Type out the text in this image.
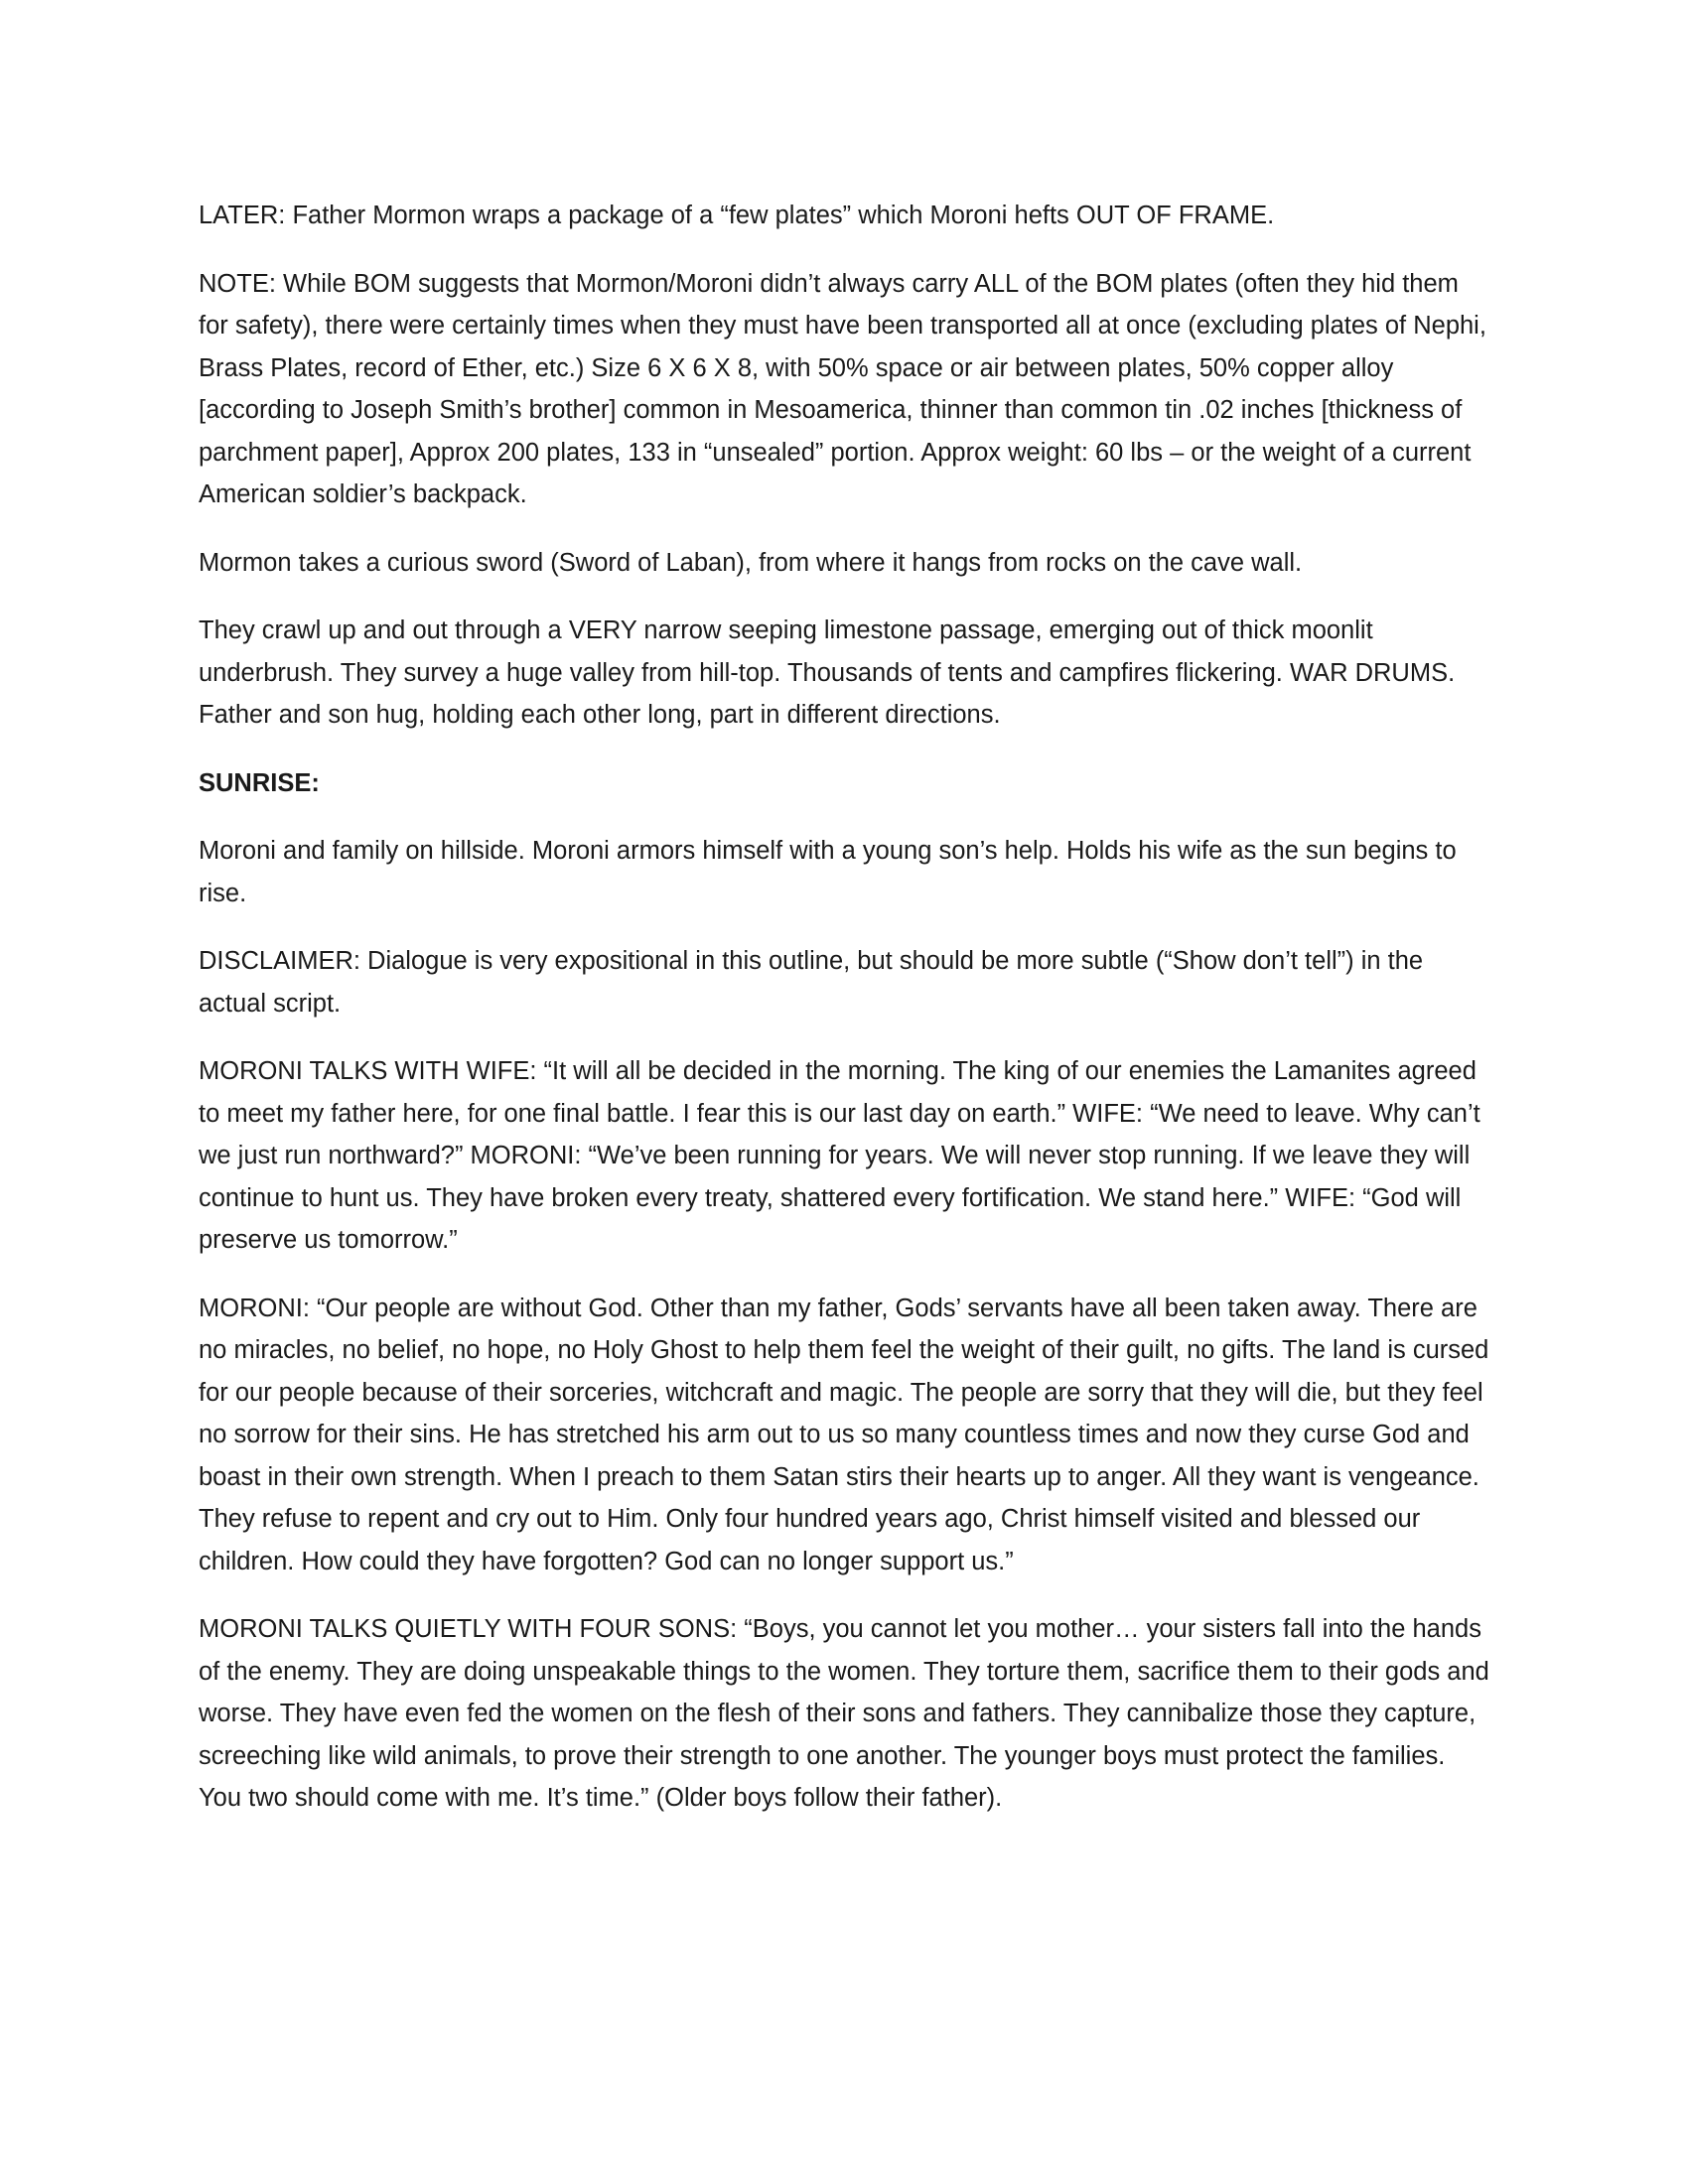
LATER: Father Mormon wraps a package of a “few plates” which Moroni hefts OUT OF FRAME.

NOTE: While BOM suggests that Mormon/Moroni didn’t always carry ALL of the BOM plates (often they hid them for safety), there were certainly times when they must have been transported all at once (excluding plates of Nephi, Brass Plates, record of Ether, etc.) Size 6 X 6 X 8, with 50% space or air between plates, 50% copper alloy [according to Joseph Smith’s brother] common in Mesoamerica, thinner than common tin .02 inches [thickness of parchment paper], Approx 200 plates, 133 in “unsealed” portion. Approx weight: 60 lbs – or the weight of a current American soldier’s backpack.

Mormon takes a curious sword (Sword of Laban), from where it hangs from rocks on the cave wall.

They crawl up and out through a VERY narrow seeping limestone passage, emerging out of thick moonlit underbrush. They survey a huge valley from hill-top. Thousands of tents and campfires flickering. WAR DRUMS. Father and son hug, holding each other long, part in different directions.

SUNRISE:

Moroni and family on hillside. Moroni armors himself with a young son’s help. Holds his wife as the sun begins to rise.

DISCLAIMER: Dialogue is very expositional in this outline, but should be more subtle (“Show don’t tell”) in the actual script.

MORONI TALKS WITH WIFE: “It will all be decided in the morning. The king of our enemies the Lamanites agreed to meet my father here, for one final battle. I fear this is our last day on earth.” WIFE: “We need to leave. Why can’t we just run northward?” MORONI: “We’ve been running for years. We will never stop running. If we leave they will continue to hunt us. They have broken every treaty, shattered every fortification. We stand here.” WIFE: “God will preserve us tomorrow.”

MORONI: “Our people are without God. Other than my father, Gods’ servants have all been taken away. There are no miracles, no belief, no hope, no Holy Ghost to help them feel the weight of their guilt, no gifts. The land is cursed for our people because of their sorceries, witchcraft and magic. The people are sorry that they will die, but they feel no sorrow for their sins. He has stretched his arm out to us so many countless times and now they curse God and boast in their own strength. When I preach to them Satan stirs their hearts up to anger. All they want is vengeance. They refuse to repent and cry out to Him. Only four hundred years ago, Christ himself visited and blessed our children. How could they have forgotten? God can no longer support us.”

MORONI TALKS QUIETLY WITH FOUR SONS: “Boys, you cannot let you mother… your sisters fall into the hands of the enemy. They are doing unspeakable things to the women. They torture them, sacrifice them to their gods and worse. They have even fed the women on the flesh of their sons and fathers. They cannibalize those they capture, screeching like wild animals, to prove their strength to one another. The younger boys must protect the families. You two should come with me. It’s time.” (Older boys follow their father).
